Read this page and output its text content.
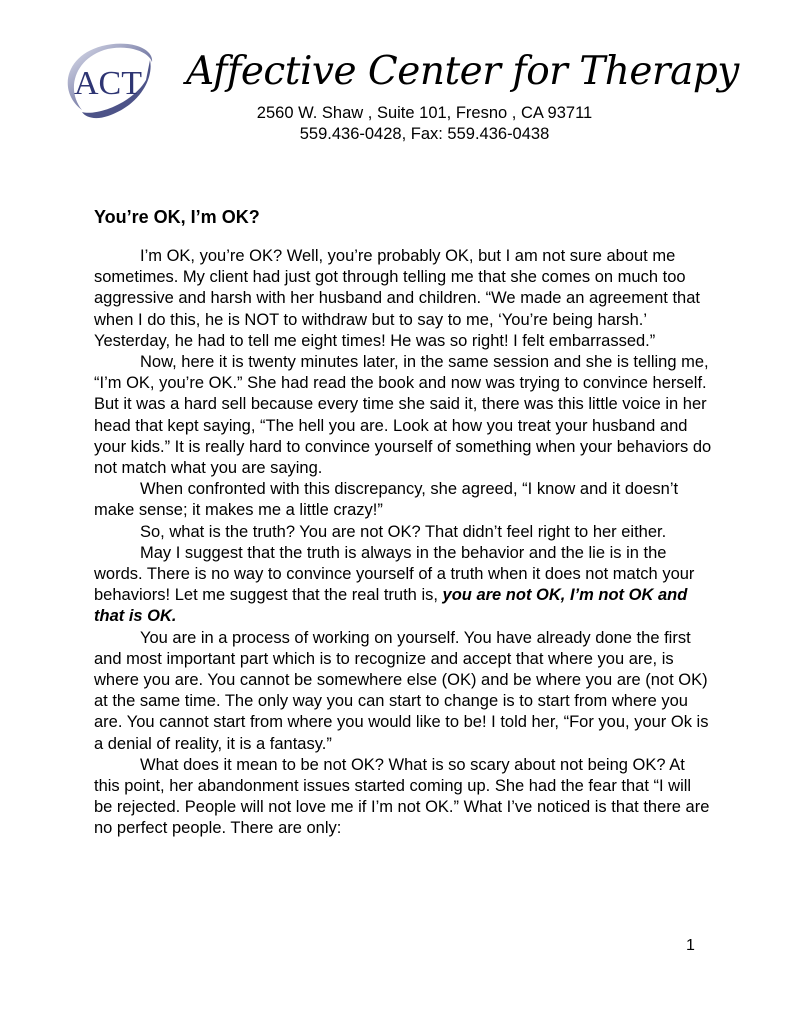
ACT Affective Center for Therapy
2560 W. Shaw , Suite 101, Fresno , CA 93711
559.436-0428, Fax: 559.436-0438
You’re OK, I’m OK?

I’m OK, you’re OK? Well, you’re probably OK, but I am not sure about me sometimes. My client had just got through telling me that she comes on much too aggressive and harsh with her husband and children. “We made an agreement that when I do this, he is NOT to withdraw but to say to me, ‘You’re being harsh.’ Yesterday, he had to tell me eight times! He was so right! I felt embarrassed.”

Now, here it is twenty minutes later, in the same session and she is telling me, “I’m OK, you’re OK.” She had read the book and now was trying to convince herself. But it was a hard sell because every time she said it, there was this little voice in her head that kept saying, “The hell you are. Look at how you treat your husband and your kids.” It is really hard to convince yourself of something when your behaviors do not match what you are saying.

When confronted with this discrepancy, she agreed, “I know and it doesn’t make sense; it makes me a little crazy!”

So, what is the truth? You are not OK? That didn’t feel right to her either.

May I suggest that the truth is always in the behavior and the lie is in the words. There is no way to convince yourself of a truth when it does not match your behaviors! Let me suggest that the real truth is, you are not OK, I’m not OK and that is OK.

You are in a process of working on yourself. You have already done the first and most important part which is to recognize and accept that where you are, is where you are. You cannot be somewhere else (OK) and be where you are (not OK) at the same time. The only way you can start to change is to start from where you are. You cannot start from where you would like to be! I told her, “For you, your Ok is a denial of reality, it is a fantasy.”

What does it mean to be not OK? What is so scary about not being OK? At this point, her abandonment issues started coming up. She had the fear that “I will be rejected. People will not love me if I’m not OK.” What I’ve noticed is that there are no perfect people. There are only:

1
